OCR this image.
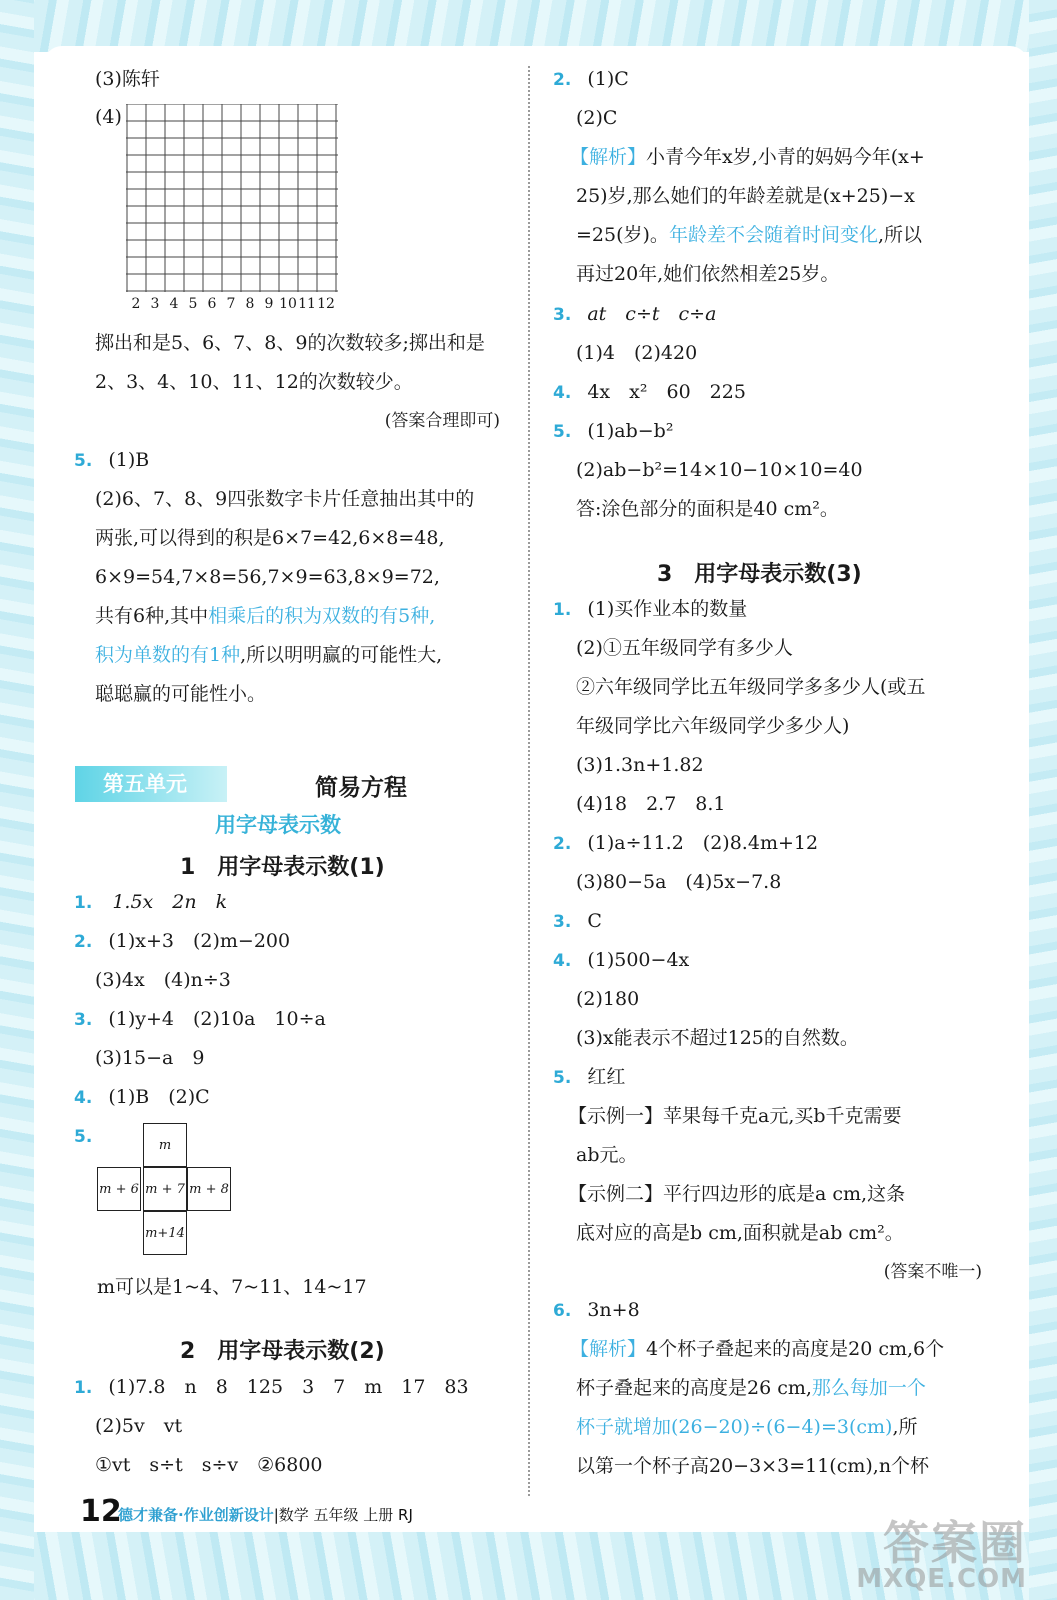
(3)陈轩
(4)
2 3 4 5 6 7 8 9 10 11 12
掷出和是5、6、7、8、9的次数较多;掷出和是
2、3、4、10、11、12的次数较少。
(答案合理即可)
5. (1)B
(2)6、7、8、9四张数字卡片任意抽出其中的
两张,可以得到的积是6×7=42,6×8=48,
6×9=54,7×8=56,7×9=63,8×9=72,
共有6种,其中相乘后的积为双数的有5种,
积为单数的有1种,所以明明赢的可能性大,
聪聪赢的可能性小。
第五单元	简易方程
用字母表示数
1　用字母表示数(1)
1. 1.5x　2n　k
2. (1)x+3　(2)m−200
(3)4x　(4)n÷3
3. (1)y+4　(2)10a　10÷a
(3)15−a　9
4. (1)B　(2)C
5.	m
m + 6 m + 7 m + 8
m+14
m可以是1~4、7~11、14~17
2　用字母表示数(2)
1. (1)7.8　n　8　125　3　7　m　17　83
(2)5v　vt
①vt　s÷t　s÷v　②6800
2. (1)C
(2)C
【解析】小青今年x岁,小青的妈妈今年(x+
25)岁,那么她们的年龄差就是(x+25)−x
=25(岁)。年龄差不会随着时间变化,所以
再过20年,她们依然相差25岁。
3. at　c÷t　c÷a
(1)4　(2)420
4. 4x　x²　60　225
5. (1)ab−b²
(2)ab−b²=14×10−10×10=40
答:涂色部分的面积是40 cm²。
3　用字母表示数(3)
1. (1)买作业本的数量
(2)①五年级同学有多少人
②六年级同学比五年级同学多多少人(或五
年级同学比六年级同学少多少人)
(3)1.3n+1.82
(4)18　2.7　8.1
2. (1)a÷11.2　(2)8.4m+12
(3)80−5a　(4)5x−7.8
3. C
4. (1)500−4x
(2)180
(3)x能表示不超过125的自然数。
5. 红红
【示例一】苹果每千克a元,买b千克需要
ab元。
【示例二】平行四边形的底是a cm,这条
底对应的高是b cm,面积就是ab cm²。
(答案不唯一)
6. 3n+8
【解析】4个杯子叠起来的高度是20 cm,6个
杯子叠起来的高度是26 cm,那么每加一个
杯子就增加(26−20)÷(6−4)=3(cm),所
以第一个杯子高20−3×3=11(cm),n个杯
12
德才兼备·作业创新设计|数学 五年级 上册 RJ
答案圈
MXQE.COM
